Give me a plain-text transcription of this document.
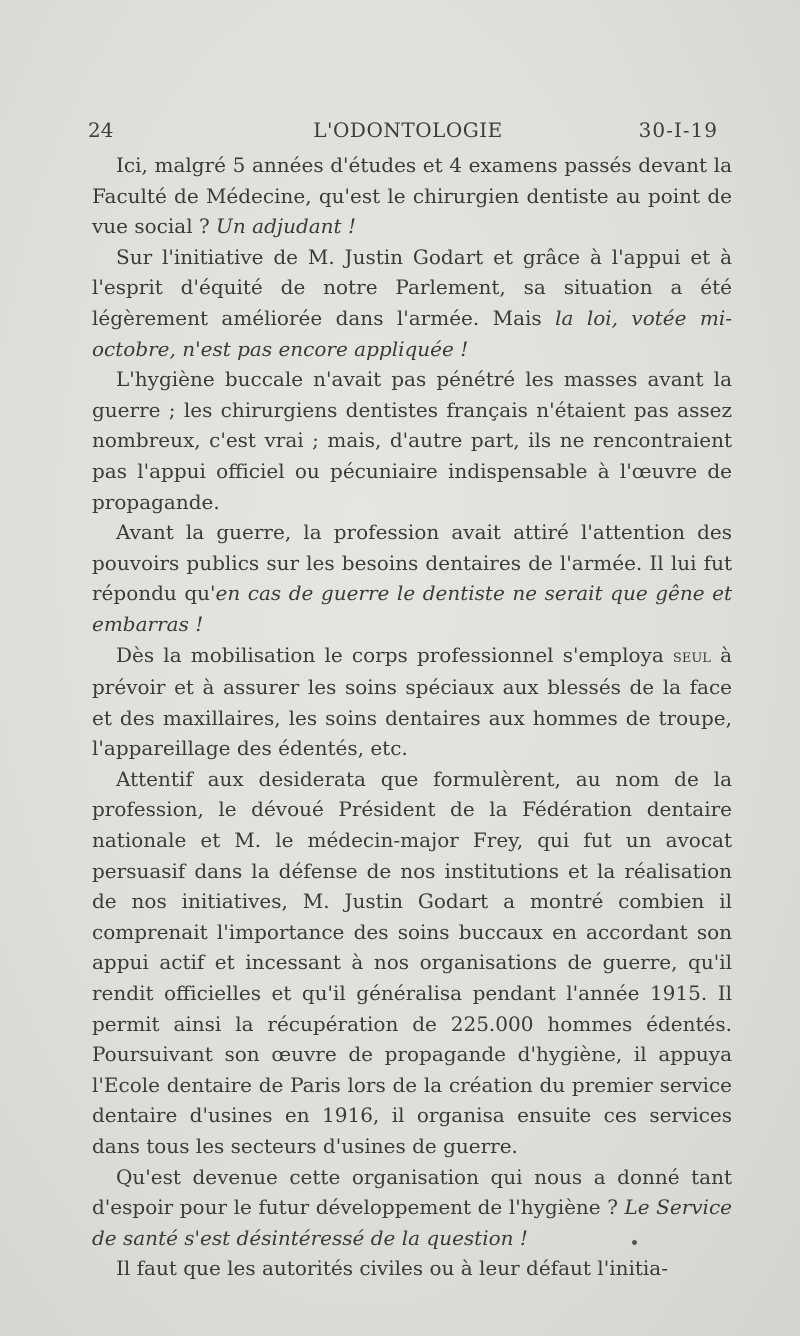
24	L'ODONTOLOGIE	30-I-19

Ici, malgré 5 années d'études et 4 examens passés devant la Faculté de Médecine, qu'est le chirurgien dentiste au point de vue social ? Un adjudant !

Sur l'initiative de M. Justin Godart et grâce à l'appui et à l'esprit d'équité de notre Parlement, sa situation a été légèrement améliorée dans l'armée. Mais la loi, votée mi-octobre, n'est pas encore appliquée !

L'hygiène buccale n'avait pas pénétré les masses avant la guerre ; les chirurgiens dentistes français n'étaient pas assez nombreux, c'est vrai ; mais, d'autre part, ils ne rencontraient pas l'appui officiel ou pécuniaire indispensable à l'œuvre de propagande.

Avant la guerre, la profession avait attiré l'attention des pouvoirs publics sur les besoins dentaires de l'armée. Il lui fut répondu qu'en cas de guerre le dentiste ne serait que gêne et embarras !

Dès la mobilisation le corps professionnel s'employa seul à prévoir et à assurer les soins spéciaux aux blessés de la face et des maxillaires, les soins dentaires aux hommes de troupe, l'appareillage des édentés, etc.

Attentif aux desiderata que formulèrent, au nom de la profession, le dévoué Président de la Fédération dentaire nationale et M. le médecin-major Frey, qui fut un avocat persuasif dans la défense de nos institutions et la réalisation de nos initiatives, M. Justin Godart a montré combien il comprenait l'importance des soins buccaux en accordant son appui actif et incessant à nos organisations de guerre, qu'il rendit officielles et qu'il généralisa pendant l'année 1915. Il permit ainsi la récupération de 225.000 hommes édentés. Poursuivant son œuvre de propagande d'hygiène, il appuya l'Ecole dentaire de Paris lors de la création du premier service dentaire d'usines en 1916, il organisa ensuite ces services dans tous les secteurs d'usines de guerre.

Qu'est devenue cette organisation qui nous a donné tant d'espoir pour le futur développement de l'hygiène ? Le Service de santé s'est désintéressé de la question !

Il faut que les autorités civiles ou à leur défaut l'initia-
